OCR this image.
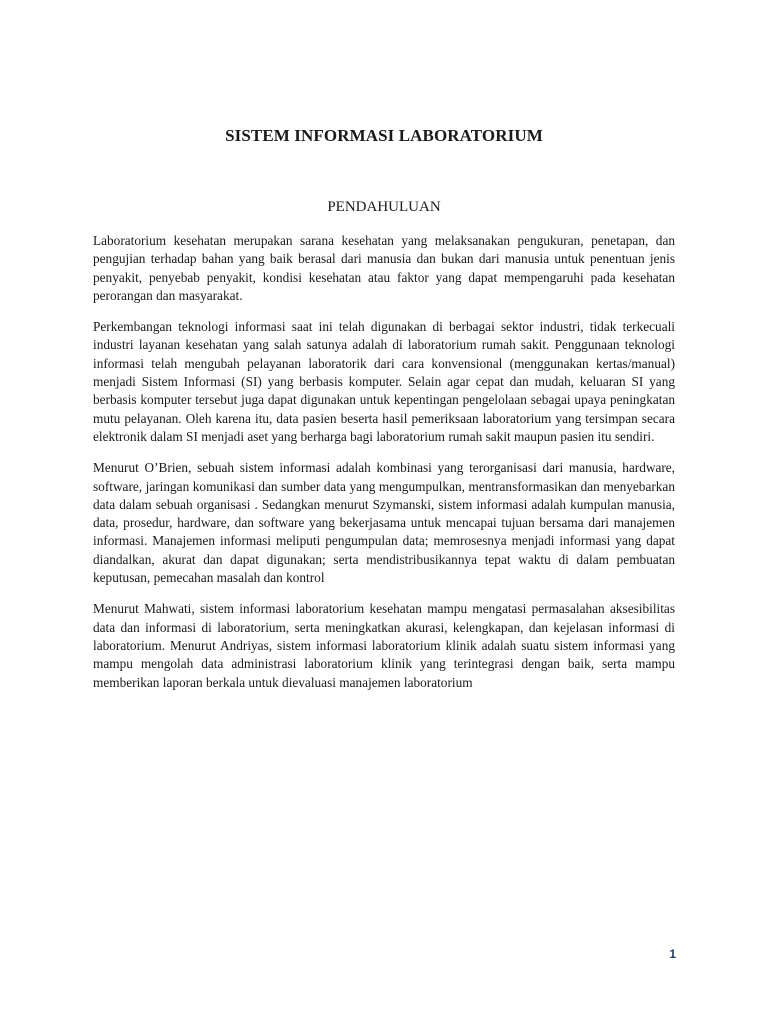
SISTEM INFORMASI LABORATORIUM
PENDAHULUAN

Laboratorium kesehatan merupakan sarana kesehatan yang melaksanakan pengukuran, penetapan, dan pengujian terhadap bahan yang baik berasal dari manusia dan bukan dari manusia untuk penentuan jenis penyakit, penyebab penyakit, kondisi kesehatan atau faktor yang dapat mempengaruhi pada kesehatan perorangan dan masyarakat.

Perkembangan teknologi informasi saat ini telah digunakan di berbagai sektor industri, tidak terkecuali industri layanan kesehatan yang salah satunya adalah di laboratorium rumah sakit. Penggunaan teknologi informasi telah mengubah pelayanan laboratorik dari cara konvensional (menggunakan kertas/manual) menjadi Sistem Informasi (SI) yang berbasis komputer. Selain agar cepat dan mudah, keluaran SI yang berbasis komputer tersebut juga dapat digunakan untuk kepentingan pengelolaan sebagai upaya peningkatan mutu pelayanan. Oleh karena itu, data pasien beserta hasil pemeriksaan laboratorium yang tersimpan secara elektronik dalam SI menjadi aset yang berharga bagi laboratorium rumah sakit maupun pasien itu sendiri.

Menurut O’Brien, sebuah sistem informasi adalah kombinasi yang terorganisasi dari manusia, hardware, software, jaringan komunikasi dan sumber data yang mengumpulkan, mentransformasikan dan menyebarkan data dalam sebuah organisasi . Sedangkan menurut Szymanski, sistem informasi adalah kumpulan manusia, data, prosedur, hardware, dan software yang bekerjasama untuk mencapai tujuan bersama dari manajemen informasi. Manajemen informasi meliputi pengumpulan data; memrosesnya menjadi informasi yang dapat diandalkan, akurat dan dapat digunakan; serta mendistribusikannya tepat waktu di dalam pembuatan keputusan, pemecahan masalah dan kontrol

Menurut Mahwati, sistem informasi laboratorium kesehatan mampu mengatasi permasalahan aksesibilitas data dan informasi di laboratorium, serta meningkatkan akurasi, kelengkapan, dan kejelasan informasi di laboratorium. Menurut Andriyas, sistem informasi laboratorium klinik adalah suatu sistem informasi yang mampu mengolah data administrasi laboratorium klinik yang terintegrasi dengan baik, serta mampu memberikan laporan berkala untuk dievaluasi manajemen laboratorium

1
